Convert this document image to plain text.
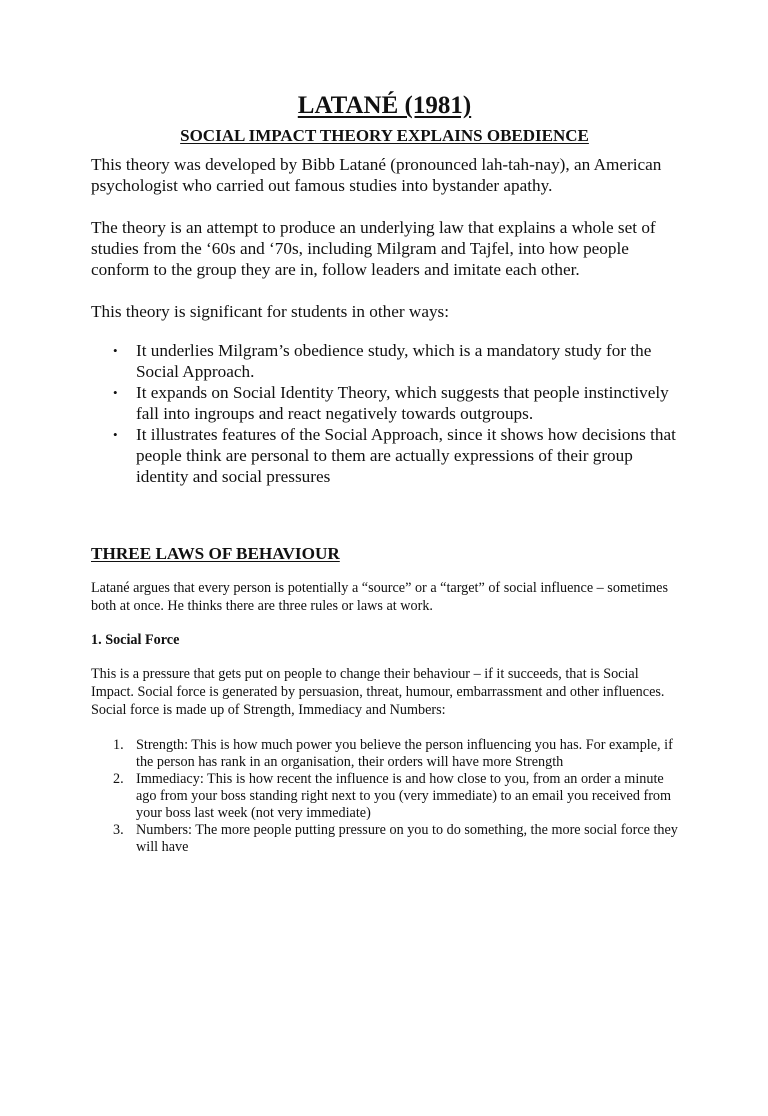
LATANÉ (1981)
SOCIAL IMPACT THEORY EXPLAINS OBEDIENCE

This theory was developed by Bibb Latané (pronounced lah-tah-nay), an American psychologist who carried out famous studies into bystander apathy.

The theory is an attempt to produce an underlying law that explains a whole set of studies from the ‘60s and ‘70s, including Milgram and Tajfel, into how people conform to the group they are in, follow leaders and imitate each other.

This theory is significant for students in other ways:

• It underlies Milgram’s obedience study, which is a mandatory study for the Social Approach.
• It expands on Social Identity Theory, which suggests that people instinctively fall into ingroups and react negatively towards outgroups.
• It illustrates features of the Social Approach, since it shows how decisions that people think are personal to them are actually expressions of their group identity and social pressures
THREE LAWS OF BEHAVIOUR

Latané argues that every person is potentially a “source” or a “target” of social influence – sometimes both at once. He thinks there are three rules or laws at work.

1. Social Force

This is a pressure that gets put on people to change their behaviour – if it succeeds, that is Social Impact. Social force is generated by persuasion, threat, humour, embarrassment and other influences. Social force is made up of Strength, Immediacy and Numbers:

1. Strength: This is how much power you believe the person influencing you has. For example, if the person has rank in an organisation, their orders will have more Strength
2. Immediacy: This is how recent the influence is and how close to you, from an order a minute ago from your boss standing right next to you (very immediate) to an email you received from your boss last week (not very immediate)
3. Numbers: The more people putting pressure on you to do something, the more social force they will have
